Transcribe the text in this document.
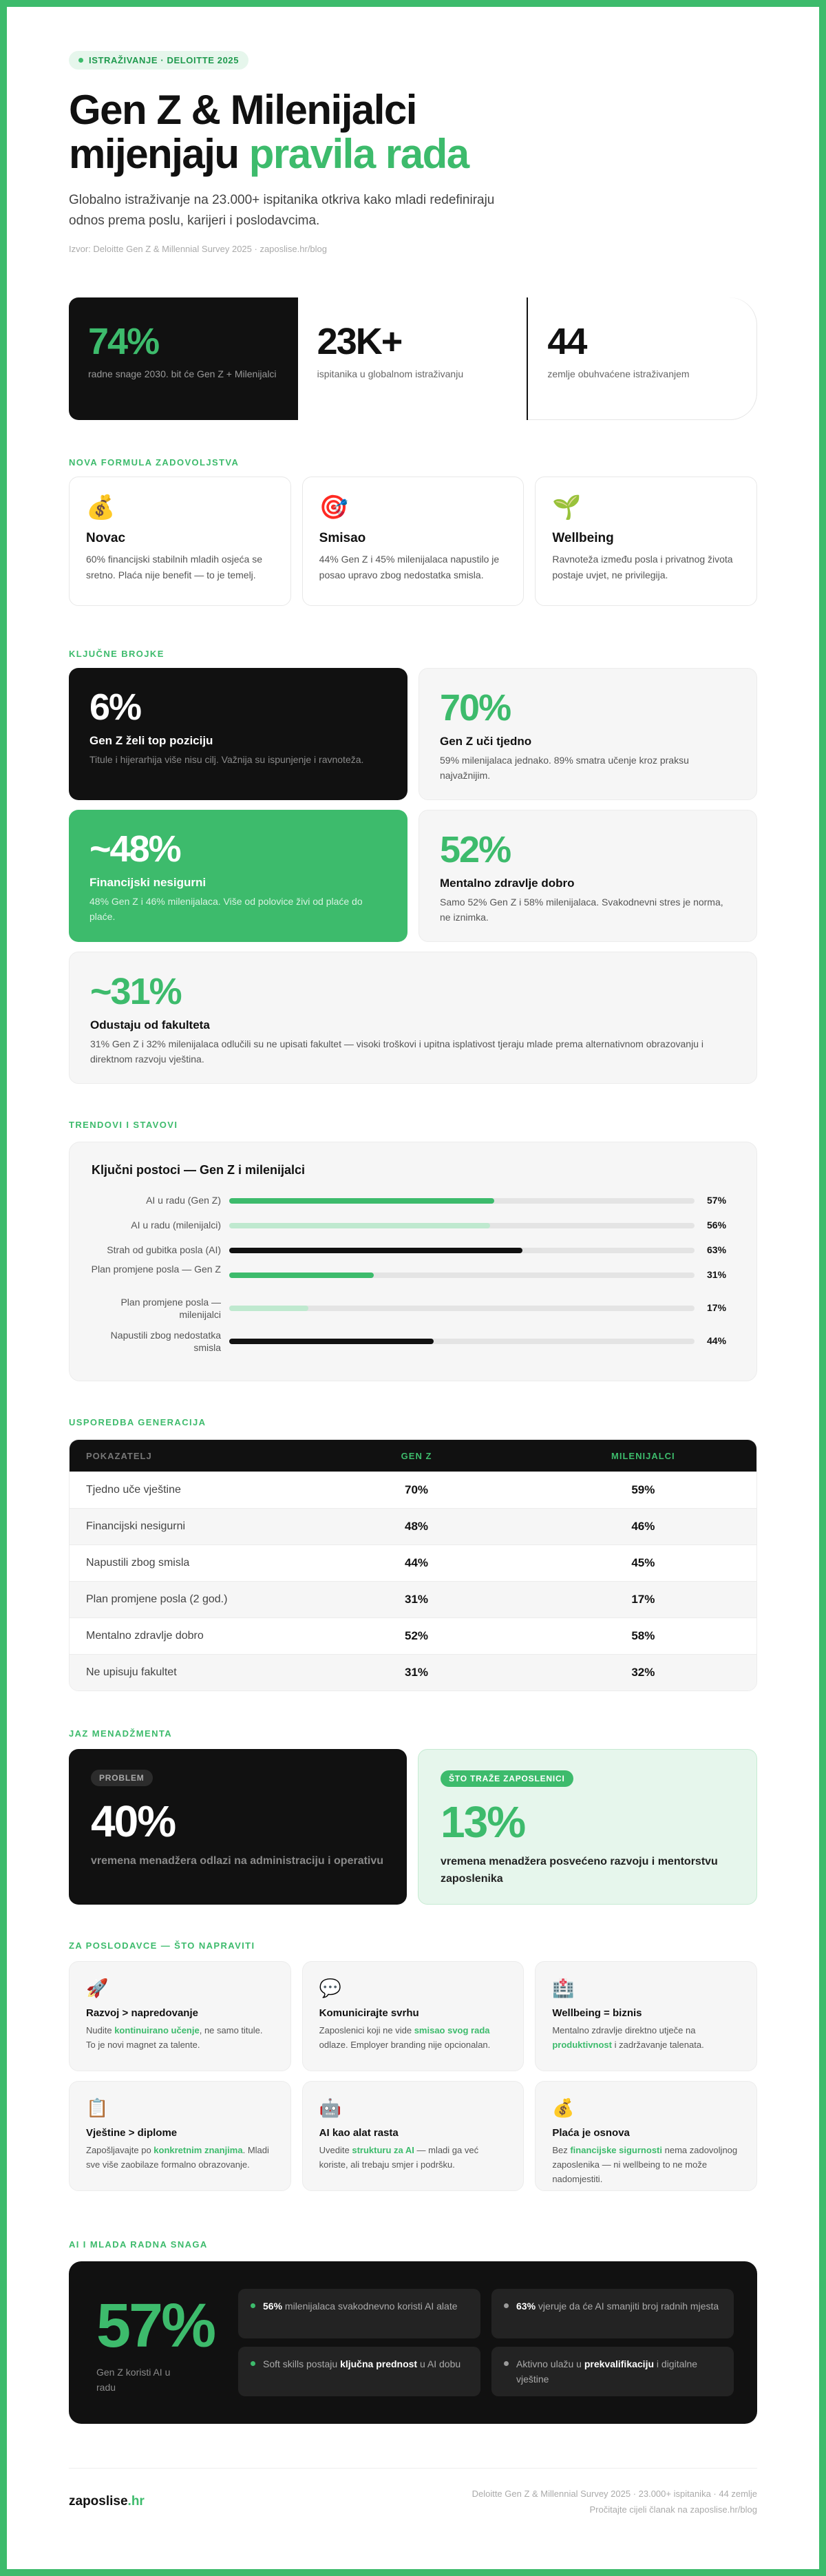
ISTRAŽIVANJE · DELOITTE 2025
Gen Z & Milenijalci
mijenjaju pravila rada

Globalno istraživanje na 23.000+ ispitanika otkriva kako mladi redefiniraju odnos prema poslu, karijeri i poslodavcima.

Izvor: Deloitte Gen Z & Millennial Survey 2025 · zaposlise.hr/blog

74%
radne snage 2030. bit će Gen Z + Milenijalci
23K+
ispitanika u globalnom istraživanju
44
zemlje obuhvaćene istraživanjem
NOVA FORMULA ZADOVOLJSTVA
💰
Novac

60% financijski stabilnih mladih osjeća se sretno. Plaća nije benefit — to je temelj.

🎯
Smisao

44% Gen Z i 45% milenijalaca napustilo je posao upravo zbog nedostatka smisla.

🌱
Wellbeing

Ravnoteža između posla i privatnog života postaje uvjet, ne privilegija.

KLJUČNE BROJKE
6%
Gen Z želi top poziciju

Titule i hijerarhija više nisu cilj. Važnija su ispunjenje i ravnoteža.

70%
Gen Z uči tjedno

59% milenijalaca jednako. 89% smatra učenje kroz praksu najvažnijim.

~48%
Financijski nesigurni

48% Gen Z i 46% milenijalaca. Više od polovice živi od plaće do plaće.

52%
Mentalno zdravlje dobro

Samo 52% Gen Z i 58% milenijalaca. Svakodnevni stres je norma, ne iznimka.

~31%
Odustaju od fakulteta

31% Gen Z i 32% milenijalaca odlučili su ne upisati fakultet — visoki troškovi i upitna isplativost tjeraju mlade prema alternativnom obrazovanju i direktnom razvoju vještina.

TRENDOVI I STAVOVI
Ključni postoci — Gen Z i milenijalci
AI u radu (Gen Z)	57%
AI u radu (milenijalci)	56%
Strah od gubitka posla (AI)	63%
Plan promjene posla — Gen Z	31%
Plan promjene posla — milenijalci
17%
Napustili zbog nedostatka smisla
44%
USPOREDBA GENERACIJA
POKAZATELJ	GEN Z	MILENIJALCI
Tjedno uče vještine	70%	59%
Financijski nesigurni	48%	46%
Napustili zbog smisla	44%	45%
Plan promjene posla (2 god.)	31%	17%
Mentalno zdravlje dobro	52%	58%
Ne upisuju fakultet	31%	32%
JAZ MENADŽMENTA
PROBLEM
40%

vremena menadžera odlazi na administraciju i operativu

ŠTO TRAŽE ZAPOSLENICI
13%

vremena menadžera posvećeno razvoju i mentorstvu zaposlenika

ZA POSLODAVCE — ŠTO NAPRAVITI
🚀
Razvoj > napredovanje

Nudite kontinuirano učenje, ne samo titule. To je novi magnet za talente.

💬
Komunicirajte svrhu

Zaposlenici koji ne vide smisao svog rada odlaze. Employer branding nije opcionalan.

🏥
Wellbeing = biznis

Mentalno zdravlje direktno utječe na produktivnost i zadržavanje talenata.

📋
Vještine > diplome

Zapošljavajte po konkretnim znanjima. Mladi sve više zaobilaze formalno obrazovanje.

🤖
AI kao alat rasta

Uvedite strukturu za AI — mladi ga već koriste, ali trebaju smjer i podršku.

💰
Plaća je osnova

Bez financijske sigurnosti nema zadovoljnog zaposlenika — ni wellbeing to ne može nadomjestiti.

AI I MLADA RADNA SNAGA
57%
Gen Z koristi AI u radu
56% milenijalaca svakodnevno koristi AI alate	63% vjeruje da će AI smanjiti broj radnih mjesta
Soft skills postaju ključna prednost u AI dobu	Aktivno ulažu u prekvalifikaciju i digitalne vještine
zaposlise.hr
Deloitte Gen Z & Millennial Survey 2025 · 23.000+ ispitanika · 44 zemlje
Pročitajte cijeli članak na zaposlise.hr/blog
